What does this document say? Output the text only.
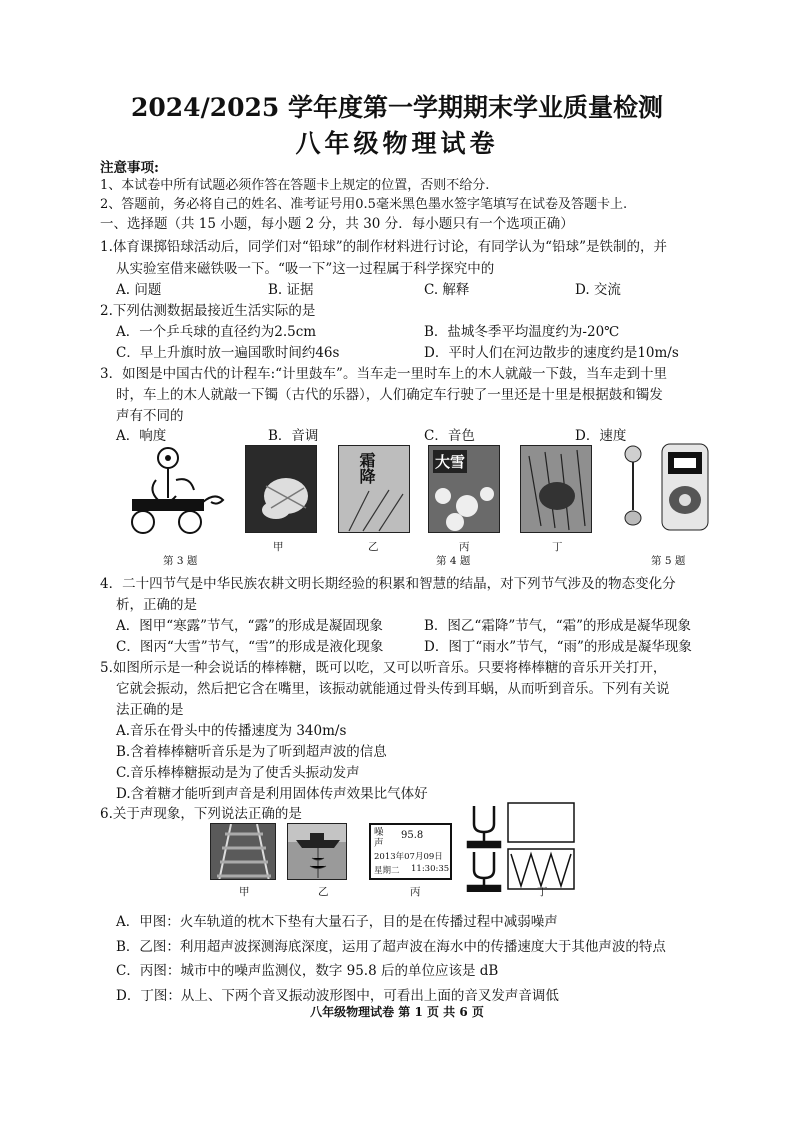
2024/2025 学年度第一学期期末学业质量检测
八年级物理试卷
注意事项:
1、本试卷中所有试题必须作答在答题卡上规定的位置，否则不给分.
2、答题前，务必将自己的姓名、准考证号用0.5毫米黑色墨水签字笔填写在试卷及答题卡上.
一、选择题（共 15 小题，每小题 2 分，共 30 分．每小题只有一个选项正确）
1.体育课掷铅球活动后，同学们对“铅球”的制作材料进行讨论，有同学认为“铅球”是铁制的，并
从实验室借来磁铁吸一下。“吸一下”这一过程属于科学探究中的
A. 问题	B. 证据	C. 解释	D. 交流
2.下列估测数据最接近生活实际的是
A．一个乒乓球的直径约为2.5cm	B．盐城冬季平均温度约为-20℃
C．早上升旗时放一遍国歌时间约46s	D．平时人们在河边散步的速度约是10m/s
3．如图是中国古代的计程车:“计里鼓车”。当车走一里时车上的木人就敲一下鼓，当车走到十里
时，车上的木人就敲一下镯（古代的乐器），人们确定车行驶了一里还是十里是根据鼓和镯发
声有不同的
A．响度	B．音调	C．音色	D．速度
霜降	大雪
甲	乙	丙	丁
第 3 题	第 4 题	第 5 题
4．二十四节气是中华民族农耕文明长期经验的积累和智慧的结晶，对下列节气涉及的物态变化分
析，正确的是
A．图甲“寒露”节气，“露”的形成是凝固现象	B．图乙“霜降”节气，“霜”的形成是凝华现象
C．图丙“大雪”节气，“雪”的形成是液化现象	D．图丁“雨水”节气，“雨”的形成是凝华现象
5.如图所示是一种会说话的棒棒糖，既可以吃，又可以听音乐。只要将棒棒糖的音乐开关打开，
它就会振动，然后把它含在嘴里，该振动就能通过骨头传到耳蜗，从而听到音乐。下列有关说
法正确的是
A.音乐在骨头中的传播速度为 340m/s
B.含着棒棒糖听音乐是为了听到超声波的信息
C.音乐棒棒糖振动是为了使舌头振动发声
D.含着糖才能听到声音是利用固体传声效果比气体好
6.关于声现象，下列说法正确的是
噪
声
95.8
2013年07月09日
星期二 11:30:35
甲	乙	丙	丁
A．甲图：火车轨道的枕木下垫有大量石子，目的是在传播过程中减弱噪声
B．乙图：利用超声波探测海底深度，运用了超声波在海水中的传播速度大于其他声波的特点
C．丙图：城市中的噪声监测仪，数字 95.8 后的单位应该是 dB
D．丁图：从上、下两个音叉振动波形图中，可看出上面的音叉发声音调低
八年级物理试卷 第 1 页 共 6 页
